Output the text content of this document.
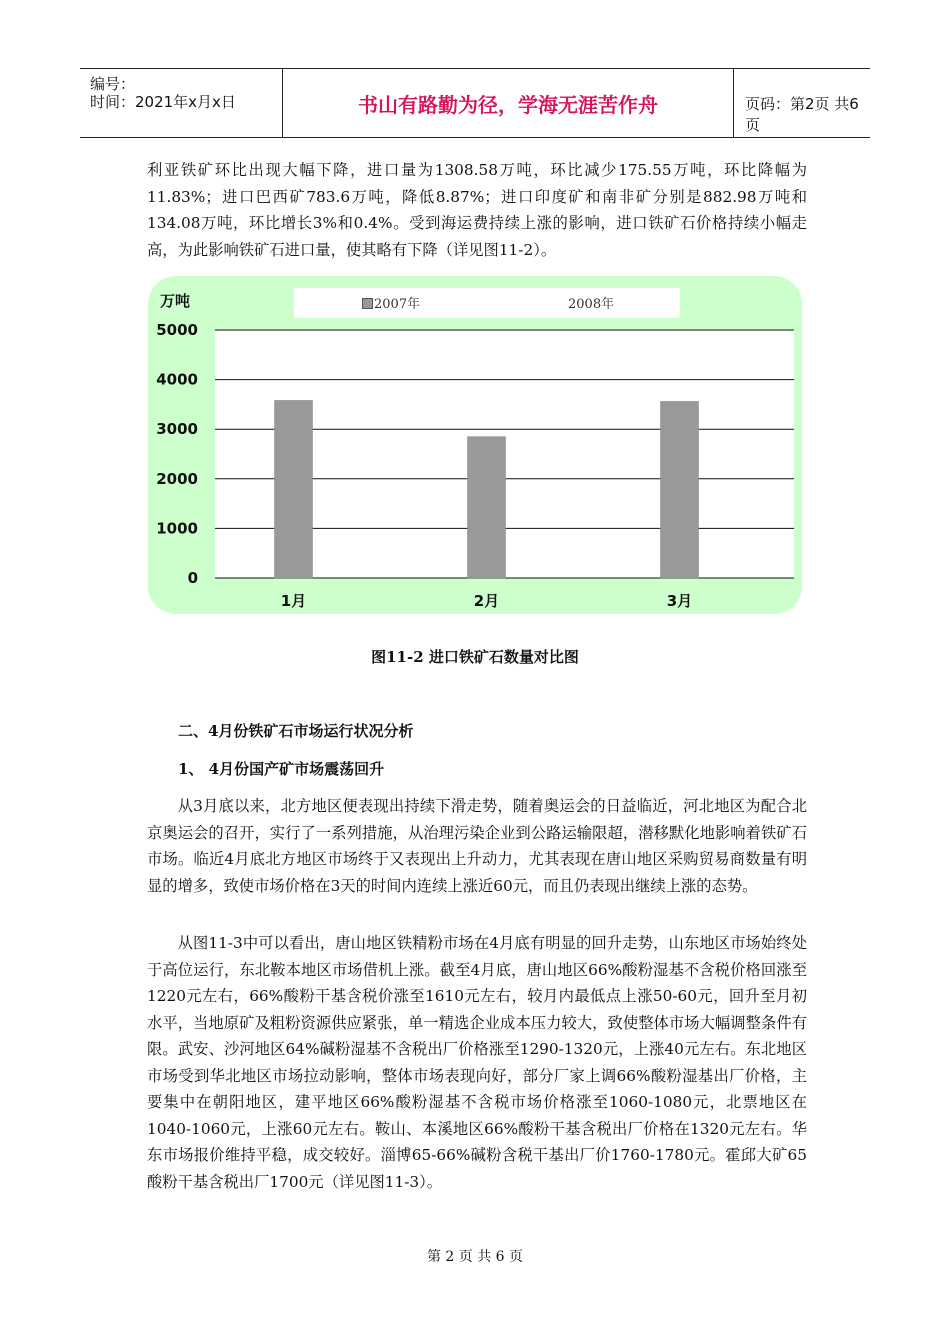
编号：
时间：2021年x月x日	书山有路勤为径，学海无涯苦作舟	页码：第2页 共6页

利亚铁矿环比出现大幅下降，进口量为1308.58万吨，环比减少175.55万吨，环比降幅为11.83%；进口巴西矿783.6万吨，降低8.87%；进口印度矿和南非矿分别是882.98万吨和134.08万吨，环比增长3%和0.4%。受到海运费持续上涨的影响，进口铁矿石价格持续小幅走高，为此影响铁矿石进口量，使其略有下降（详见图11-2）。

2007年	2008年
0
1000
2000
3000
4000
5000
万吨
1月	2月	3月
图11-2 进口铁矿石数量对比图
二、4月份铁矿石市场运行状况分析
1、 4月份国产矿市场震荡回升

从3月底以来，北方地区便表现出持续下滑走势，随着奥运会的日益临近，河北地区为配合北京奥运会的召开，实行了一系列措施，从治理污染企业到公路运输限超，潜移默化地影响着铁矿石市场。临近4月底北方地区市场终于又表现出上升动力，尤其表现在唐山地区采购贸易商数量有明显的增多，致使市场价格在3天的时间内连续上涨近60元，而且仍表现出继续上涨的态势。

从图11-3中可以看出，唐山地区铁精粉市场在4月底有明显的回升走势，山东地区市场始终处于高位运行，东北鞍本地区市场借机上涨。截至4月底，唐山地区66%酸粉湿基不含税价格回涨至1220元左右，66%酸粉干基含税价涨至1610元左右，较月内最低点上涨50-60元，回升至月初水平，当地原矿及粗粉资源供应紧张，单一精选企业成本压力较大，致使整体市场大幅调整条件有限。武安、沙河地区64%碱粉湿基不含税出厂价格涨至1290-1320元，上涨40元左右。东北地区市场受到华北地区市场拉动影响，整体市场表现向好，部分厂家上调66%酸粉湿基出厂价格，主要集中在朝阳地区，建平地区66%酸粉湿基不含税市场价格涨至1060-1080元，北票地区在1040-1060元，上涨60元左右。鞍山、本溪地区66%酸粉干基含税出厂价格在1320元左右。华东市场报价维持平稳，成交较好。淄博65-66%碱粉含税干基出厂价1760-1780元。霍邱大矿65酸粉干基含税出厂1700元（详见图11-3）。

第 2 页 共 6 页
